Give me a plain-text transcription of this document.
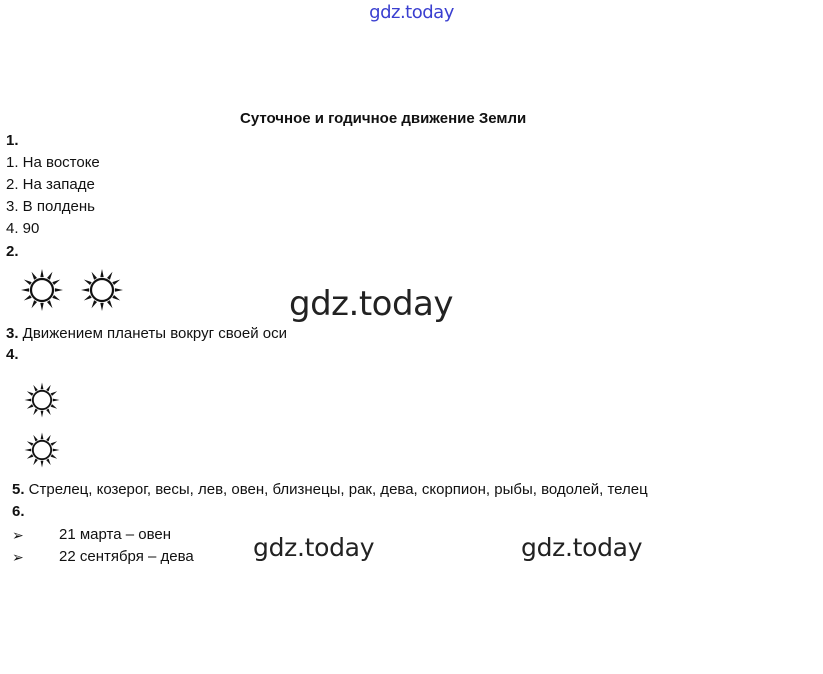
gdz.today
Суточное и годичное движение Земли
1.
1. На востоке
2. На западе
3. В полдень
4. 90
2.
gdz.today
3. Движением планеты вокруг своей оси
4.
5. Стрелец, козерог, весы, лев, овен, близнецы, рак, дева, скорпион, рыбы, водолей, телец
6.
➢ 21 марта – овен
➢ 22 сентября – дева gdz.today	gdz.today
